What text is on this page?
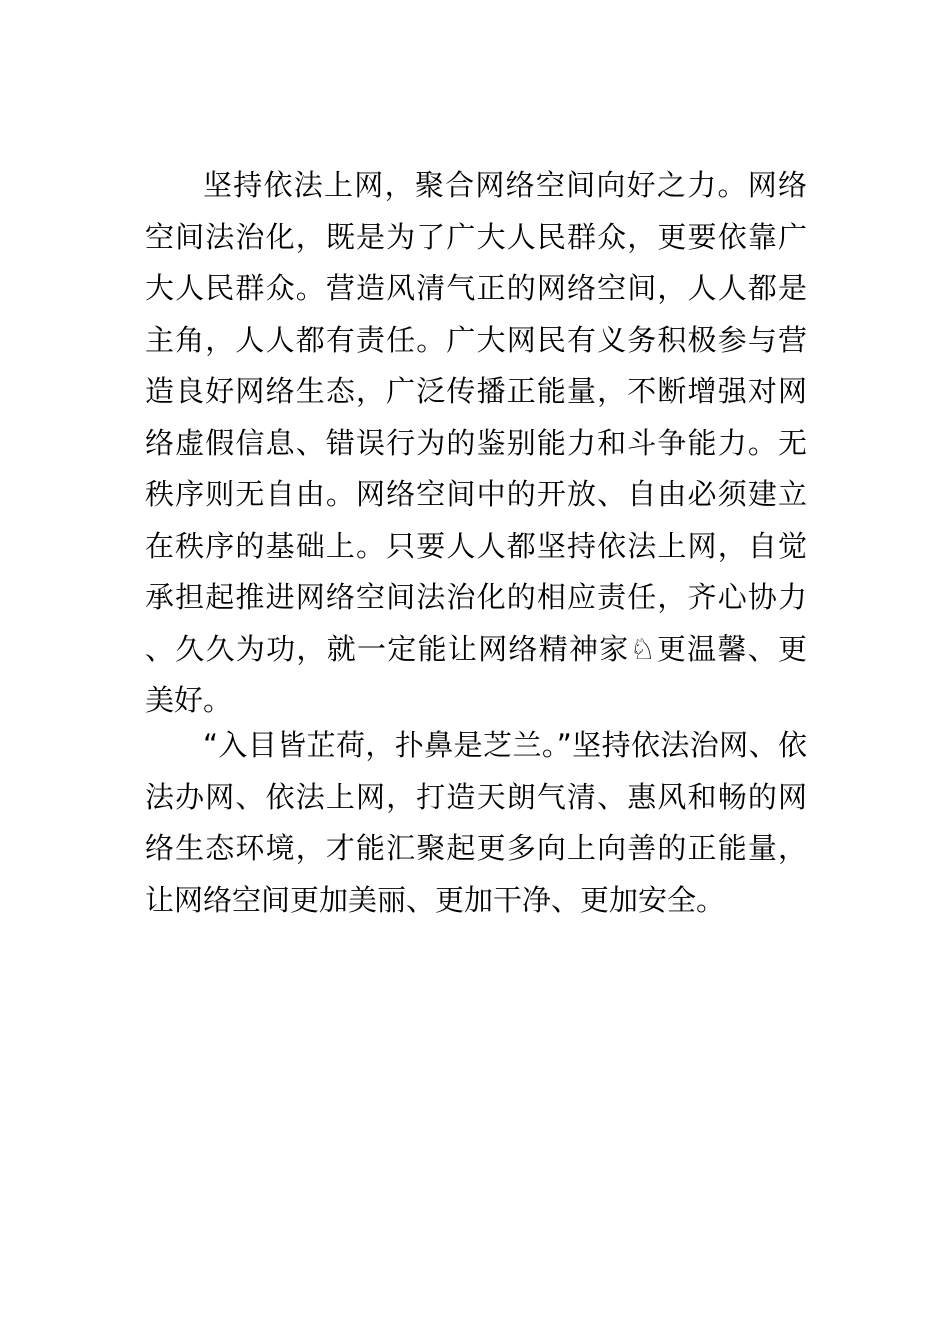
坚持依法上网，聚合网络空间向好之力。网络空间法治化，既是为了广大人民群众，更要依靠广大人民群众。营造风清气正的网络空间，人人都是主角，人人都有责任。广大网民有义务积极参与营造良好网络生态，广泛传播正能量，不断增强对网络虚假信息、错误行为的鉴别能力和斗争能力。无秩序则无自由。网络空间中的开放、自由必须建立在秩序的基础上。只要人人都坚持依法上网，自觉承担起推进网络空间法治化的相应责任，齐心协力、久久为功，就一定能让网络精神家♘更温馨、更美好。

“入目皆芷荷，扑鼻是芝兰。”坚持依法治网、依法办网、依法上网，打造天朗气清、惠风和畅的网络生态环境，才能汇聚起更多向上向善的正能量，让网络空间更加美丽、更加干净、更加安全。
